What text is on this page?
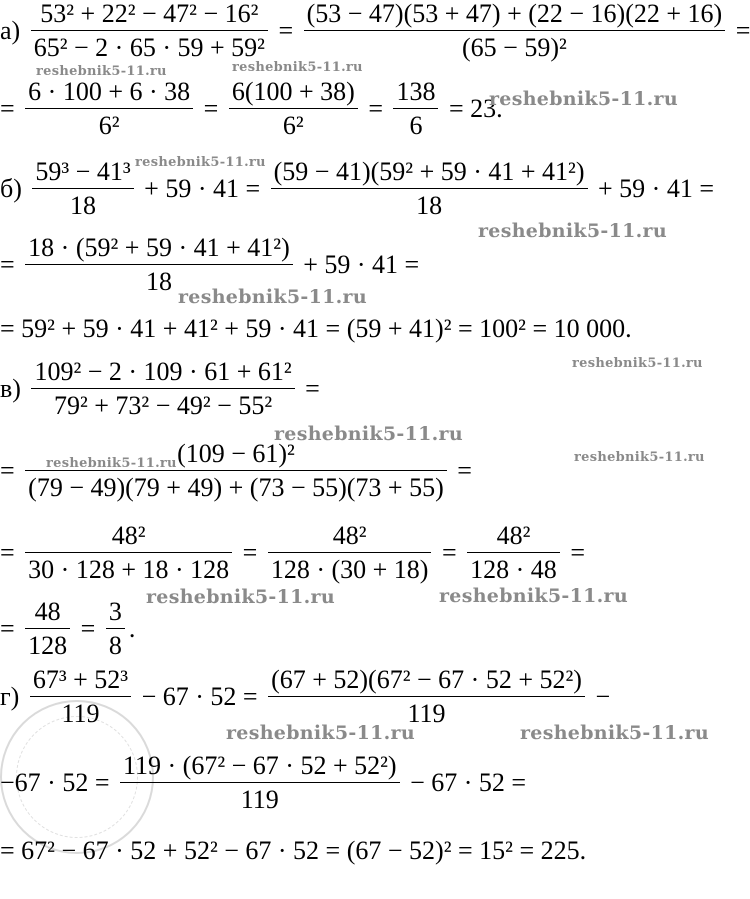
$а) \frac{\text{53² + 22² − 47² − 16²}}{\text{65² − 2 · 65 · 59 + 59²}} = \frac{(53 - 47)(53 + 47) + (22 - 16)(22 + 16)}{\text{(65 − 59)²}}$ =
= $\frac{6 \cdot 100 + 6 \cdot 38}{\text{6²}} = \frac{6(100 + 38)}{\text{6²}} = \frac{138}{6} = 23$.
$б) \frac{\text{59³ − 41³}}{18} + 59 \cdot 41 = \frac{\text{(59 − 41)(59² + 59 · 41 + 41²)}}{18} + 59 \cdot 41$ =
= $\frac{\text{18 · (59² + 59 · 41 + 41²)}}{18} + 59 \cdot 41$ =
= 59² + 59 · 41 + 41² + 59 · 41 = (59 + 41)² = 100² = 10 000.
$в) \frac{\text{109² − 2 · 109 · 61 + 61²}}{\text{79² + 73² − 49² − 55²}}$ =
= $\frac{\text{(109 − 61)²}}{(79 - 49)(79 + 49) + (73 - 55)(73 + 55)}$ =
= $\frac{\text{48²}}{30 \cdot 128 + 18 \cdot 128} = \frac{\text{48²}}{128 \cdot (30 + 18)} = \frac{\text{48²}}{128 \cdot 48}$ =
= $\frac{48}{128} = \frac{3}{8}$ .
$г) \frac{\text{67³ + 52³}}{119} - 67 \cdot 52 = \frac{\text{(67 + 52)(67² − 67 · 52 + 52²)}}{119}$ −
$-67 \cdot 52 = \frac{\text{119 · (67² − 67 · 52 + 52²)}}{119} - 67 \cdot 52$ =
= 67² − 67 · 52 + 52² − 67 · 52 = (67 − 52)² = 15² = 225.
reshebnik5-11.ru	reshebnik5-11.ru
reshebnik5-11.ru
reshebnik5-11.ru
reshebnik5-11.ru
reshebnik5-11.ru
reshebnik5-11.ru
reshebnik5-11.ru
reshebnik5-11.ru	reshebnik5-11.ru
reshebnik5-11.ru	reshebnik5-11.ru
reshebnik5-11.ru	reshebnik5-11.ru
